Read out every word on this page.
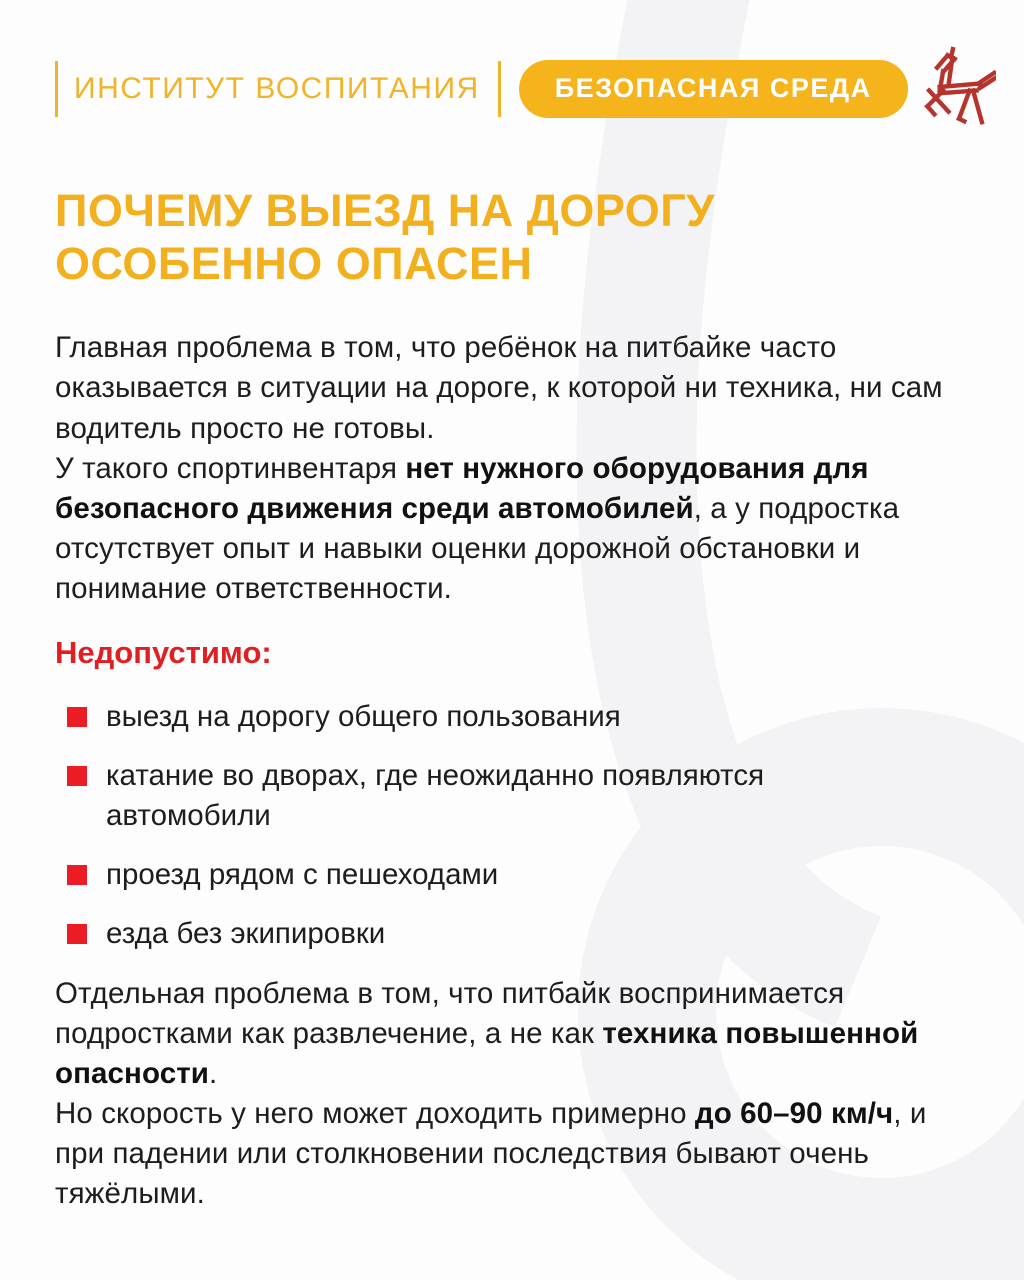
ИНСТИТУТ ВОСПИТАНИЯ	БЕЗОПАСНАЯ СРЕДА
ПОЧЕМУ ВЫЕЗД НА ДОРОГУ
ОСОБЕННО ОПАСЕН

Главная проблема в том, что ребёнок на питбайке часто оказывается в ситуации на дороге, к которой ни техника, ни сам водитель просто не готовы.
У такого спортинвентаря нет нужного оборудования для безопасного движения среди автомобилей, а у подростка отсутствует опыт и навыки оценки дорожной обстановки и понимание ответственности.

Недопустимо:
выезд на дорогу общего пользования
катание во дворах, где неожиданно появляются автомобили
проезд рядом с пешеходами
езда без экипировки

Отдельная проблема в том, что питбайк воспринимается подростками как развлечение, а не как техника повышенной опасности.
Но скорость у него может доходить примерно до 60–90 км/ч, и при падении или столкновении последствия бывают очень тяжёлыми.
